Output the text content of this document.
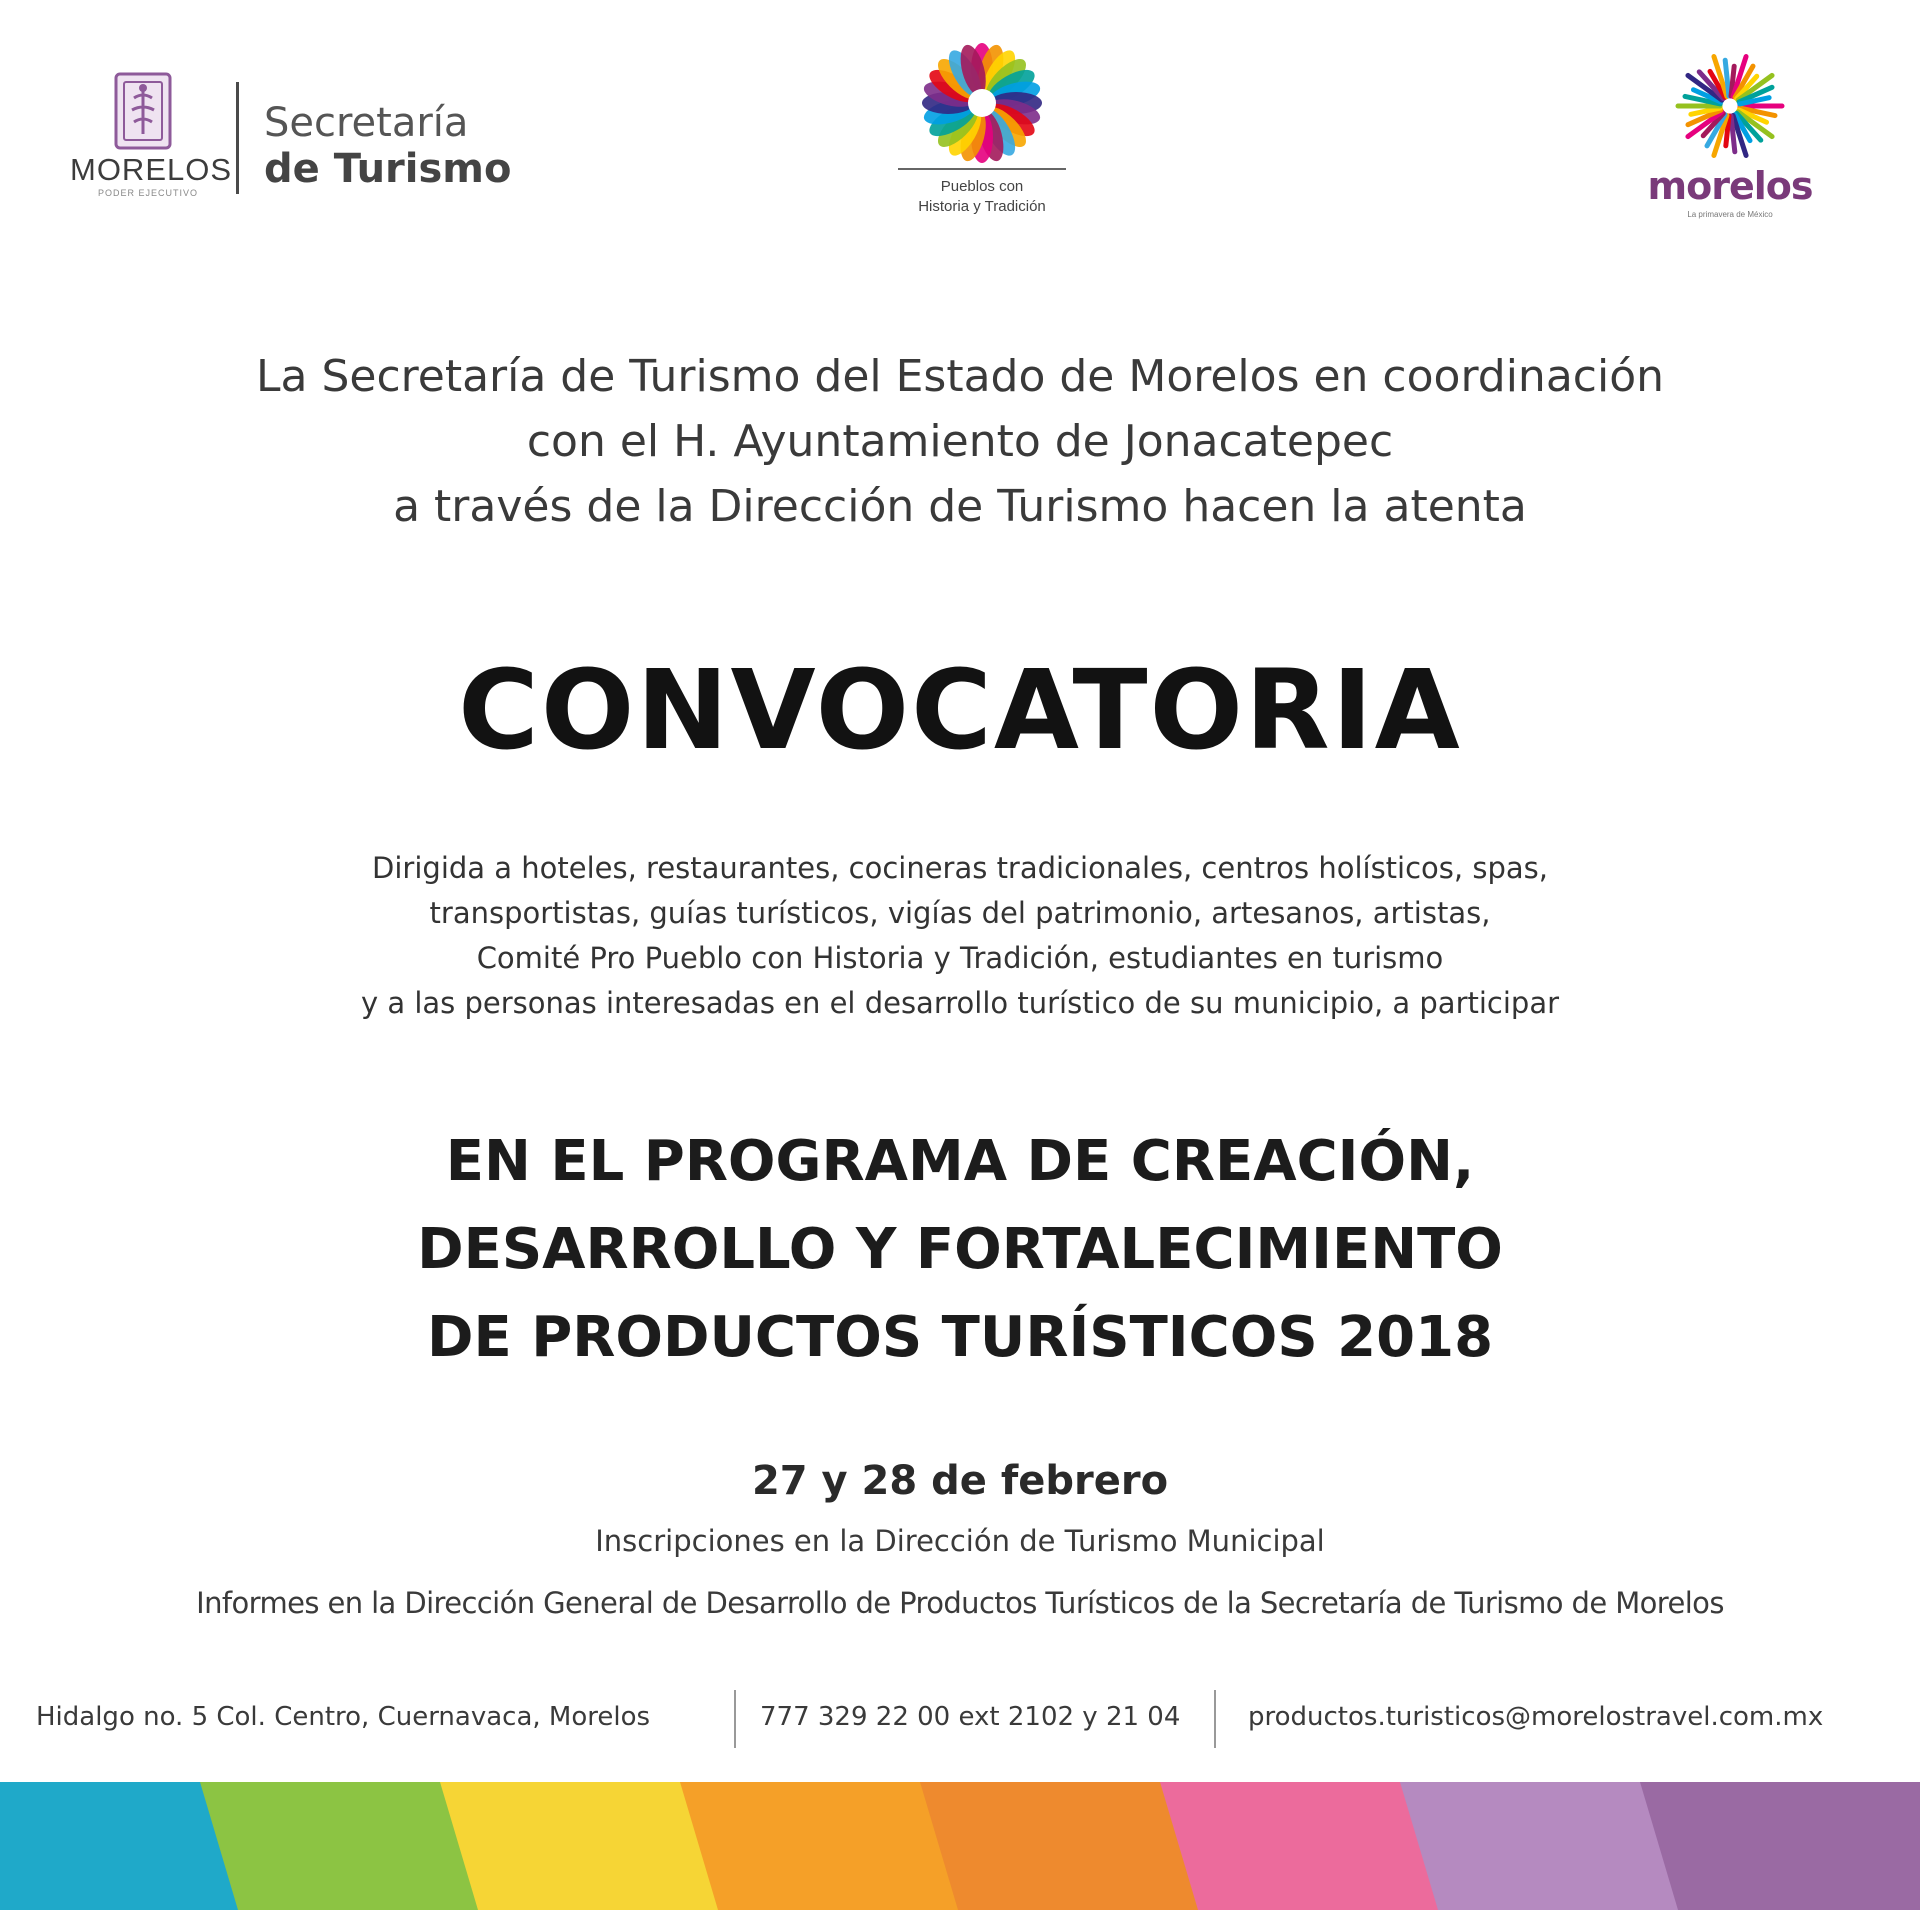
MORELOS
PODER EJECUTIVO
Secretaría
de Turismo	Pueblos con
Historia y Tradición	morelos
La primavera de México
La Secretaría de Turismo del Estado de Morelos en coordinación
con el H. Ayuntamiento de Jonacatepec
a través de la Dirección de Turismo hacen la atenta
CONVOCATORIA
Dirigida a hoteles, restaurantes, cocineras tradicionales, centros holísticos, spas,
transportistas, guías turísticos, vigías del patrimonio, artesanos, artistas,
Comité Pro Pueblo con Historia y Tradición, estudiantes en turismo
y a las personas interesadas en el desarrollo turístico de su municipio, a participar
EN EL PROGRAMA DE CREACIÓN,
DESARROLLO Y FORTALECIMIENTO
DE PRODUCTOS TURÍSTICOS 2018
27 y 28 de febrero
Inscripciones en la Dirección de Turismo Municipal
Informes en la Dirección General de Desarrollo de Productos Turísticos de la Secretaría de Turismo de Morelos
Hidalgo no. 5 Col. Centro, Cuernavaca, Morelos	777 329 22 00 ext 2102 y 21 04	productos.turisticos@morelostravel.com.mx
